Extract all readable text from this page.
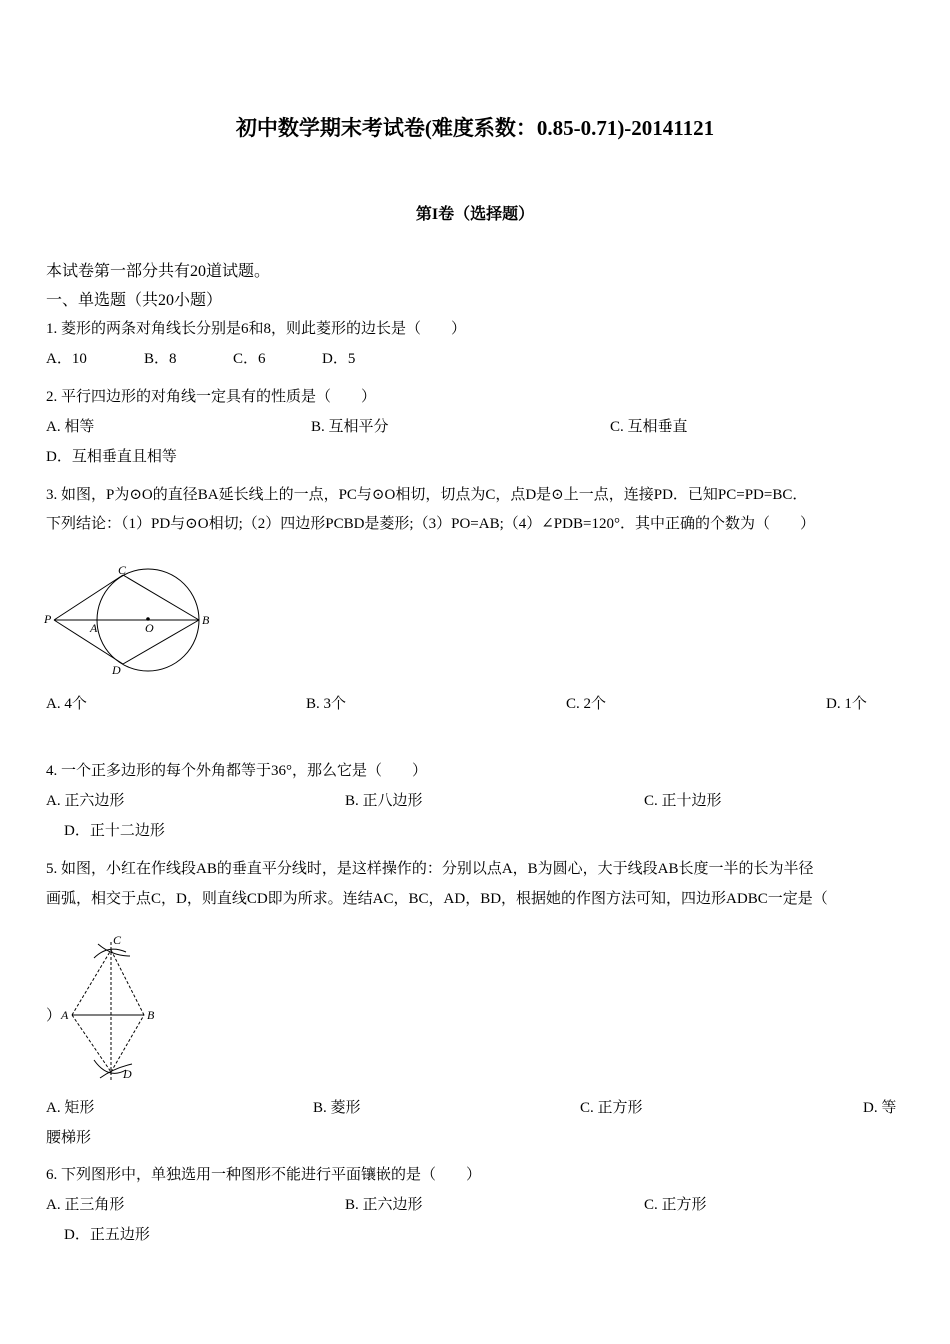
初中数学期末考试卷(难度系数：0.85-0.71)-20141121
第I卷（选择题）
本试卷第一部分共有20道试题。
一、单选题（共20小题）
1. 菱形的两条对角线长分别是6和8，则此菱形的边长是（　　）
A．10	B．8	C．6	D．5
2. 平行四边形的对角线一定具有的性质是（　　）
A. 相等	B. 互相平分	C. 互相垂直
D．互相垂直且相等
3. 如图，P为⊙O的直径BA延长线上的一点，PC与⊙O相切，切点为C，点D是⊙上一点，连接PD．已知PC=PD=BC．
下列结论：（1）PD与⊙O相切;（2）四边形PCBD是菱形;（3）PO=AB;（4）∠PDB=120°．其中正确的个数为（　　）
C
P
A	O
B
D
A. 4个	B. 3个	C. 2个	D. 1个
4. 一个正多边形的每个外角都等于36°，那么它是（　　）
A. 正六边形	B. 正八边形	C. 正十边形
D．正十二边形
5. 如图，小红在作线段AB的垂直平分线时，是这样操作的：分别以点A，B为圆心，大于线段AB长度一半的长为半径
画弧，相交于点C，D，则直线CD即为所求。连结AC，BC，AD，BD，根据她的作图方法可知，四边形ADBC一定是（
）
C
A	B
D
A. 矩形	B. 菱形	C. 正方形	D. 等
腰梯形
6. 下列图形中，单独选用一种图形不能进行平面镶嵌的是（　　）
A. 正三角形	B. 正六边形	C. 正方形
D．正五边形
